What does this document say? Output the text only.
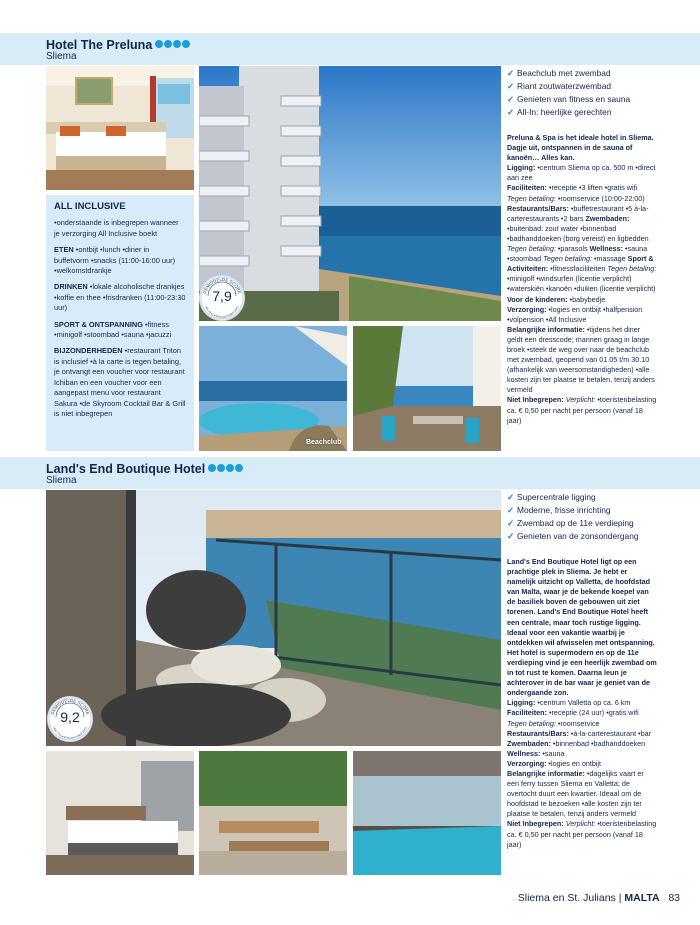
Hotel The Preluna
Sliema
ALL INCLUSIVE

•onderstaande is inbegrepen wanneer je verzorging All Inclusive boekt

ETEN •ontbijt •lunch •diner in buffetvorm •snacks (11:00-16:00 uur) •welkomstdrankje

DRINKEN •lokale alcoholische drankjes •koffie en thee •frisdranken (11:00-23:30 uur)

SPORT & ONTSPANNING •fitness •minigolf •stoombad •sauna •jacuzzi

BIJZONDERHEDEN •restaurant Triton is inclusief •à la carte is tegen betaling, je ontvangt een voucher voor restaurant Ichiban en een voucher voor een aangepast menu voor restaurant Sakura •de Skyroom Cocktail Bar & Grill is niet inbegrepen

GEMIDDELDE SCORE
VAN 48 KLANTEN (OKTOBER 2022)
7,9
Beachclub
✓ Beachclub met zwembad
✓ Riant zoutwaterzwembad
✓ Genieten van fitness en sauna
✓ All-In: heerlijke gerechten
Preluna & Spa is het ideale hotel in Sliema. Dagje uit, ontspannen in de sauna of kanoën… Alles kan.
Ligging: •centrum Sliema op ca. 500 m •direct aan zee
Faciliteiten: •receptie •3 liften •gratis wifi Tegen betaling: •roomservice (10:00-22:00)
Restaurants/Bars: •buffetrestaurant •5 à-la-carterestaurants •2 bars Zwembaden: •buitenbad: zout water •binnenbad •badhanddoeken (borg vereist) en ligbedden Tegen betaling: •parasols Wellness: •sauna •stoombad Tegen betaling: •massage Sport & Activiteiten: •fitnessfaciliteiten Tegen betaling: •minigolf •windsurfen (licentie verplicht) •waterskiën •kanoën •duiken (licentie verplicht) Voor de kinderen: •babybedje
Verzorging: •logies en ontbijt •halfpension •volpension •All Inclusive
Belangrijke informatie: •tijdens het diner geldt een dresscode; mannen graag in lange broek •steek de weg over naar de beachclub met zwembad, geopend van 01.05 t/m 30.10 (afhankelijk van weersomstandigheden) •alle kosten zijn ter plaatse te betalen, tenzij anders vermeld
Niet Inbegrepen: Verplicht: •toeristenbelasting ca. € 0,50 per nacht per persoon (vanaf 18 jaar)
Land's End Boutique Hotel
Sliema
GEMIDDELDE SCORE
VAN 77 KLANTEN (OKTOBER 2022)
9,2
✓ Supercentrale ligging
✓ Moderne, frisse inrichting
✓ Zwembad op de 11e verdieping
✓ Genieten van de zonsondergang
Land's End Boutique Hotel ligt op een prachtige plek in Sliema. Je hebt er namelijk uitzicht op Valletta, de hoofdstad van Malta, waar je de bekende koepel van de basiliek boven de gebouwen uit ziet torenen. Land's End Boutique Hotel heeft een centrale, maar toch rustige ligging. Ideaal voor een vakantie waarbij je ontdekken wil afwisselen met ontspanning. Het hotel is supermodern en op de 11e verdieping vind je een heerlijk zwembad om in tot rust te komen. Daarna leun je achterover in de bar waar je geniet van de ondergaande zon.
Ligging: •centrum Valletta op ca. 6 km
Faciliteiten: •receptie (24 uur) •gratis wifi
Tegen betaling: •roomservice
Restaurants/Bars: •à-la-carterestaurant •bar Zwembaden: •binnenbad •badhanddoeken Wellness: •sauna
Verzorging: •logies en ontbijt
Belangrijke informatie: •dagelijks vaart er een ferry tussen Sliema en Valletta; de overtocht duurt een kwartier. Ideaal om de hoofdstad te bezoeken •alle kosten zijn ter plaatse te betalen, tenzij anders vermeld
Niet Inbegrepen: Verplicht: •toeristenbelasting ca. € 0,50 per nacht per persoon (vanaf 18 jaar)
Sliema en St. Julians | MALTA 83
